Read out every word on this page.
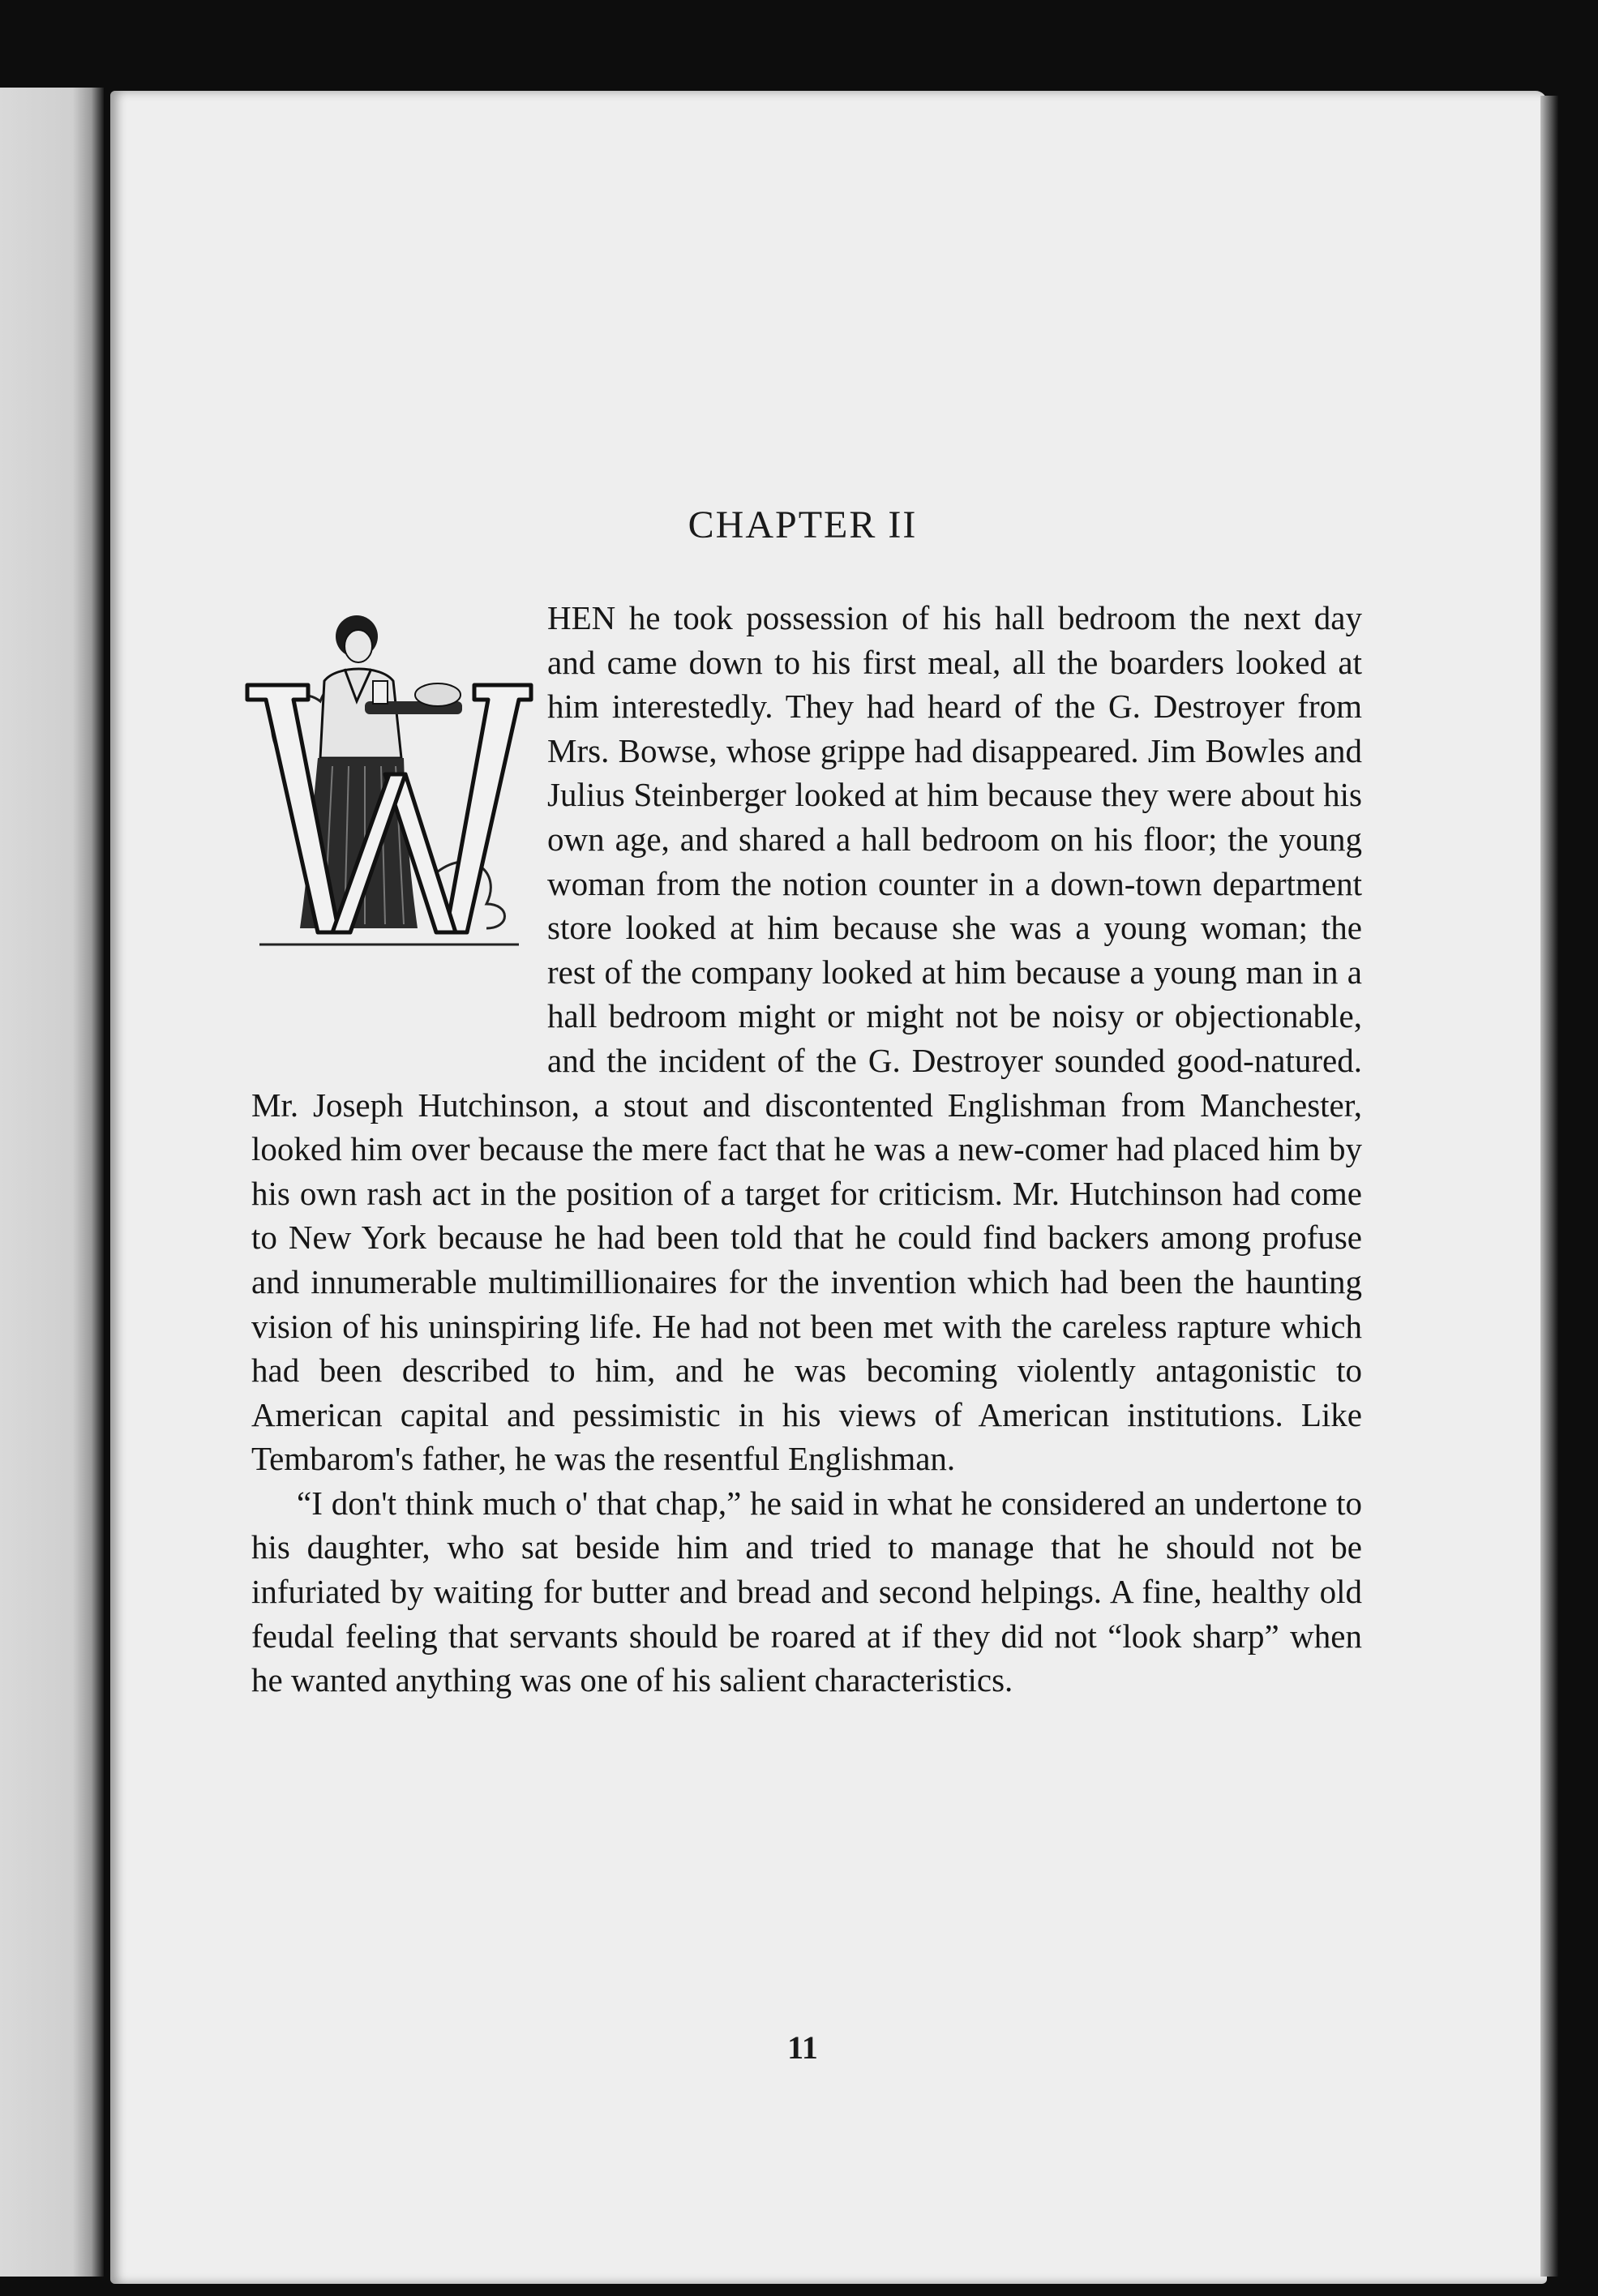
CHAPTER II

HEN he took possession of his hall bedroom the next day and came down to his first meal, all the boarders looked at him interestedly. They had heard of the G. Destroyer from Mrs. Bowse, whose grippe had disappeared. Jim Bowles and Julius Steinberger looked at him because they were about his own age, and shared a hall bedroom on his floor; the young woman from the notion counter in a down-town department store looked at him because she was a young woman; the rest of the company looked at him because a young man in a hall bedroom might or might not be noisy or objectionable, and the incident of the G. Destroyer sounded good-natured. Mr. Joseph Hutchinson, a stout and discontented Englishman from Manchester, looked him over because the mere fact that he was a new-comer had placed him by his own rash act in the position of a target for criticism. Mr. Hutchinson had come to New York because he had been told that he could find backers among profuse and innumerable multimillionaires for the invention which had been the haunting vision of his uninspiring life. He had not been met with the careless rapture which had been described to him, and he was becoming violently antagonistic to American capital and pessimistic in his views of American institutions. Like Tembarom's father, he was the resentful Englishman.

“I don't think much o' that chap,” he said in what he considered an undertone to his daughter, who sat beside him and tried to manage that he should not be infuriated by waiting for butter and bread and second helpings. A fine, healthy old feudal feeling that servants should be roared at if they did not “look sharp” when he wanted anything was one of his salient characteristics.

11
